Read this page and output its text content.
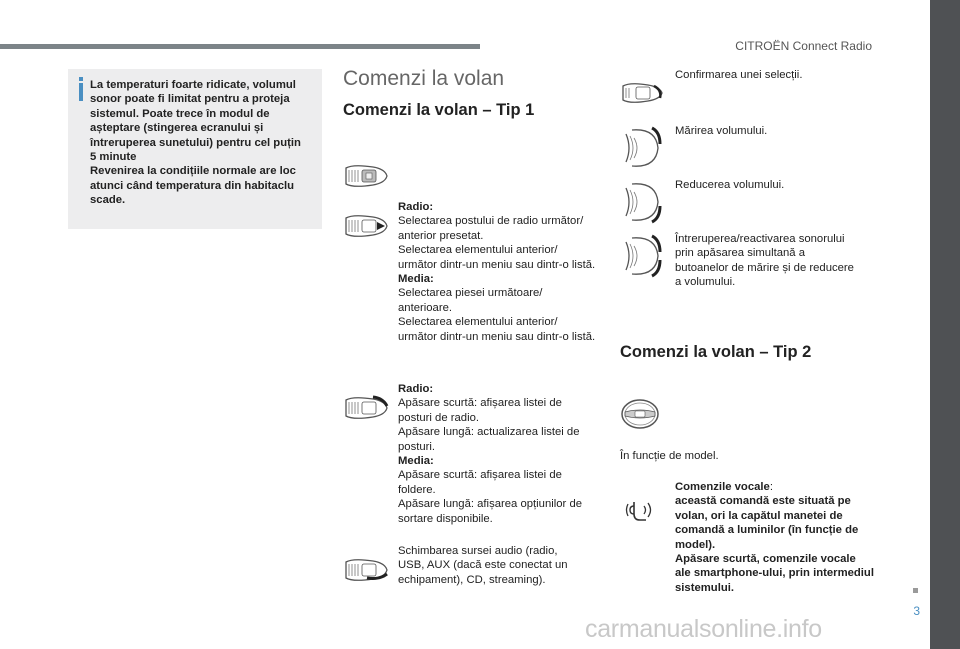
CITROËN Connect Radio
3
carmanualsonline.info

La temperaturi foarte ridicate, volumul

sonor poate fi limitat pentru a proteja

sistemul. Poate trece în modul de

așteptare (stingerea ecranului și

întreruperea sunetului) pentru cel puțin

5 minute

Revenirea la condițiile normale are loc

atunci când temperatura din habitaclu

scade.

Comenzi la volan
Comenzi la volan – Tip 1
Comenzi la volan – Tip 2

Radio:

Selectarea postului de radio următor/

anterior presetat.

Selectarea elementului anterior/

următor dintr-un meniu sau dintr-o listă.

Media:

Selectarea piesei următoare/

anterioare.

Selectarea elementului anterior/

următor dintr-un meniu sau dintr-o listă.

Radio:

Apăsare scurtă: afișarea listei de

posturi de radio.

Apăsare lungă: actualizarea listei de

posturi.

Media:

Apăsare scurtă: afișarea listei de

foldere.

Apăsare lungă: afișarea opțiunilor de

sortare disponibile.

Schimbarea sursei audio (radio,

USB, AUX (dacă este conectat un

echipament), CD, streaming).

Confirmarea unei selecții.

Mărirea volumului.

Reducerea volumului.

Întreruperea/reactivarea sonorului

prin apăsarea simultană a

butoanelor de mărire și de reducere

a volumului.

În funcție de model.

Comenzile vocale:

această comandă este situată pe

volan, ori la capătul manetei de

comandă a luminilor (în funcție de

model).

Apăsare scurtă, comenzile vocale

ale smartphone-ului, prin intermediul

sistemului.
